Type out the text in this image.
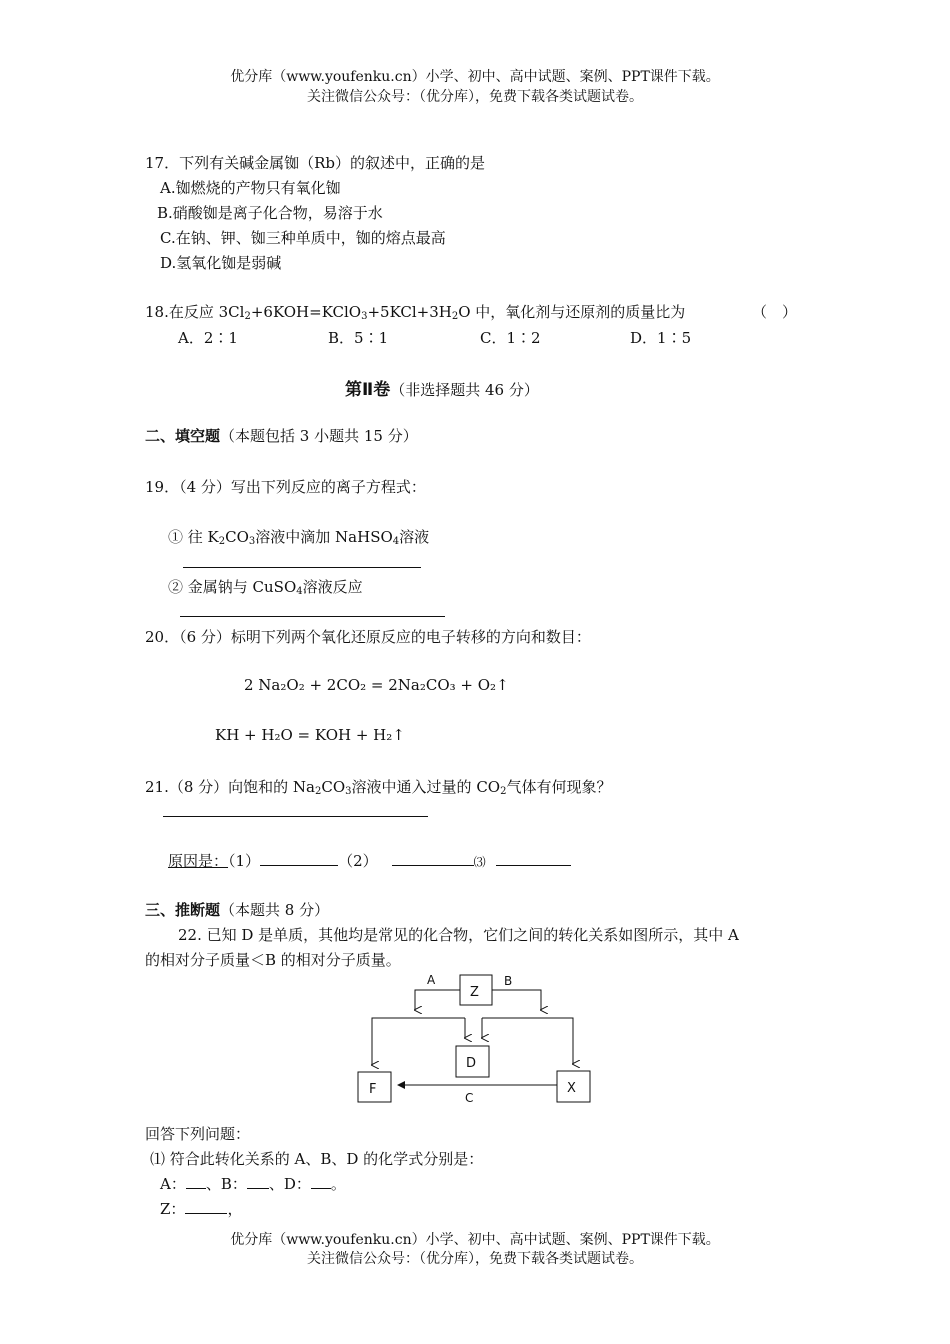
优分库（www.youfenku.cn）小学、初中、高中试题、案例、PPT课件下载。
关注微信公众号：（优分库），免费下载各类试题试卷。
17．下列有关碱金属铷（Rb）的叙述中，正确的是
A.铷燃烧的产物只有氧化铷
B.硝酸铷是离子化合物，易溶于水
C.在钠、钾、铷三种单质中，铷的熔点最高
D.氢氧化铷是弱碱
18.在反应 $3Cl_2+6KOH=KClO_3+5KCl+3H_2O$ 中，氧化剂与还原剂的质量比为	（　）
A．2∶1	B．5∶1	C．1∶2	D．1∶5
第Ⅱ卷（非选择题共 46 分）
二、填空题（本题包括 3 小题共 15 分）
19．（4 分）写出下列反应的离子方程式：
① 往 $K_2CO_3$溶液中滴加 NaHSO$_4$溶液
② 金属钠与 CuSO$_4$溶液反应
20．（6 分）标明下列两个氧化还原反应的电子转移的方向和数目：
2 Na₂O₂ + 2CO₂ = 2Na₂CO₃ + O₂↑
KH + H₂O = KOH + H₂↑
21.（8 分）向饱和的 $Na_2CO_3$溶液中通入过量的 $CO_2$气体有何现象？
原因是：（1）	（2）	⑶
三、推断题（本题共 8 分）
22. 已知 D 是单质，其他均是常见的化合物，它们之间的转化关系如图所示，其中 A
的相对分子质量＜B 的相对分子质量。
Z
D
F	X
A	B
C
回答下列问题：
⑴ 符合此转化关系的 A、B、D 的化学式分别是：
A： 、B： 、D： 。
Z：	，
优分库（www.youfenku.cn）小学、初中、高中试题、案例、PPT课件下载。
关注微信公众号：（优分库），免费下载各类试题试卷。
